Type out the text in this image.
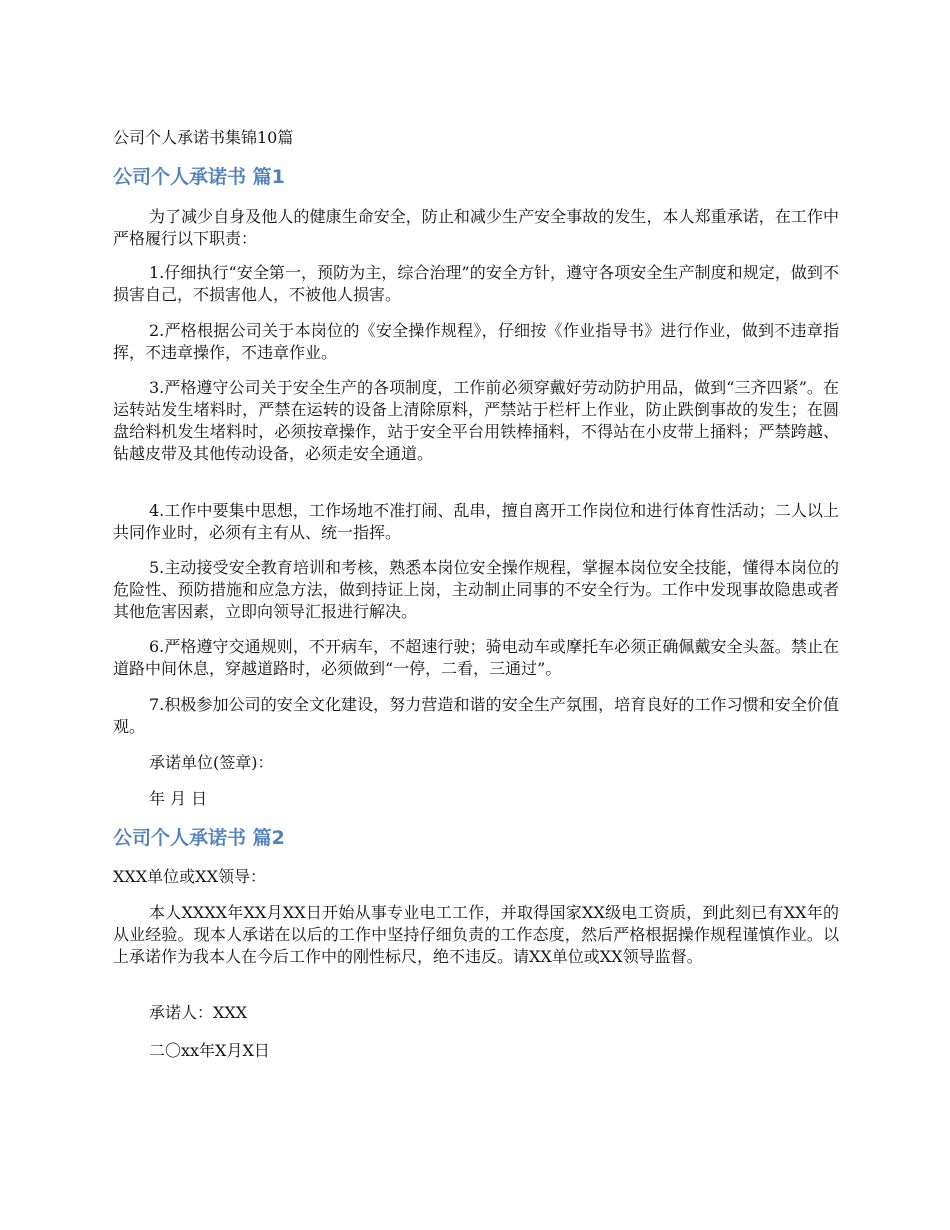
公司个人承诺书集锦10篇
公司个人承诺书 篇1
为了减少自身及他人的健康生命安全，防止和减少生产安全事故的发生，本人郑重承诺，在工作中严格履行以下职责：
1.仔细执行“安全第一，预防为主，综合治理”的安全方针，遵守各项安全生产制度和规定，做到不损害自己，不损害他人，不被他人损害。
2.严格根据公司关于本岗位的《安全操作规程》，仔细按《作业指导书》进行作业，做到不违章指挥，不违章操作，不违章作业。
3.严格遵守公司关于安全生产的各项制度，工作前必须穿戴好劳动防护用品，做到“三齐四紧”。在运转站发生堵料时，严禁在运转的设备上清除原料，严禁站于栏杆上作业，防止跌倒事故的发生；在圆盘给料机发生堵料时，必须按章操作，站于安全平台用铁棒捅料，不得站在小皮带上捅料；严禁跨越、钻越皮带及其他传动设备，必须走安全通道。
4.工作中要集中思想，工作场地不准打闹、乱串，擅自离开工作岗位和进行体育性活动；二人以上共同作业时，必须有主有从、统一指挥。
5.主动接受安全教育培训和考核，熟悉本岗位安全操作规程，掌握本岗位安全技能，懂得本岗位的危险性、预防措施和应急方法，做到持证上岗，主动制止同事的不安全行为。工作中发现事故隐患或者其他危害因素，立即向领导汇报进行解决。
6.严格遵守交通规则，不开病车，不超速行驶；骑电动车或摩托车必须正确佩戴安全头盔。禁止在道路中间休息，穿越道路时，必须做到“一停，二看，三通过”。
7.积极参加公司的安全文化建设，努力营造和谐的安全生产氛围，培育良好的工作习惯和安全价值观。
承诺单位(签章)：
年 月 日
公司个人承诺书 篇2
XXX单位或XX领导：
本人XXXX年XX月XX日开始从事专业电工工作，并取得国家XX级电工资质，到此刻已有XX年的从业经验。现本人承诺在以后的工作中坚持仔细负责的工作态度，然后严格根据操作规程谨慎作业。以上承诺作为我本人在今后工作中的刚性标尺，绝不违反。请XX单位或XX领导监督。
承诺人：XXX
二〇xx年X月X日
